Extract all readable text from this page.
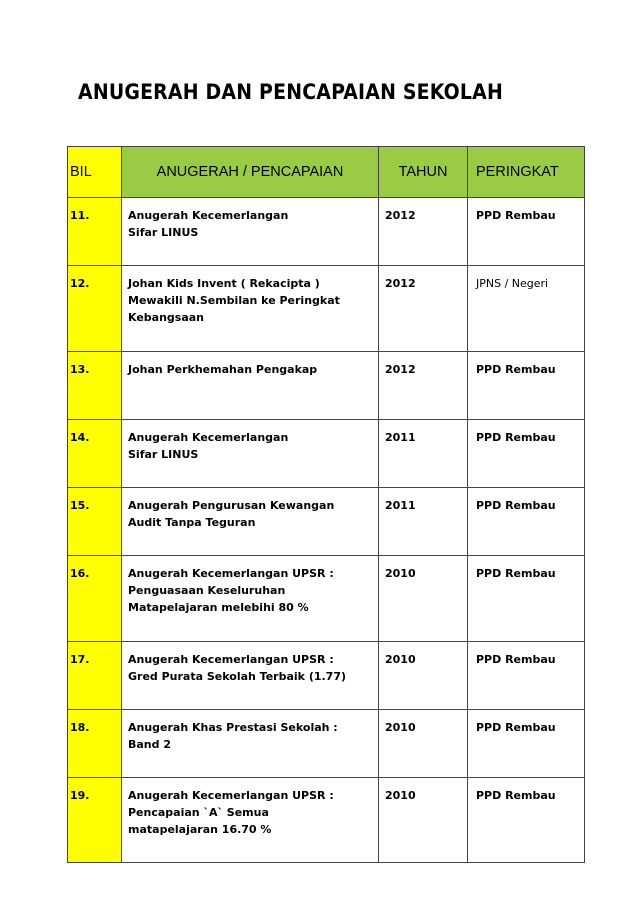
ANUGERAH DAN PENCAPAIAN SEKOLAH
BIL	ANUGERAH / PENCAPAIAN	TAHUN	PERINGKAT
11.	Anugerah Kecemerlangan
Sifar LINUS	2012	PPD Rembau
12.	Johan Kids Invent ( Rekacipta )
Mewakili N.Sembilan ke Peringkat
Kebangsaan	2012	JPNS / Negeri
13.	Johan Perkhemahan Pengakap	2012	PPD Rembau
14.	Anugerah Kecemerlangan
Sifar LINUS	2011	PPD Rembau
15.	Anugerah Pengurusan Kewangan
Audit Tanpa Teguran	2011	PPD Rembau
16.	Anugerah Kecemerlangan UPSR :
Penguasaan Keseluruhan
Matapelajaran melebihi 80 %	2010	PPD Rembau
17.	Anugerah Kecemerlangan UPSR :
Gred Purata Sekolah Terbaik (1.77)	2010	PPD Rembau
18.	Anugerah Khas Prestasi Sekolah :
Band 2	2010	PPD Rembau
19.	Anugerah Kecemerlangan UPSR :
Pencapaian `A` Semua
matapelajaran 16.70 %	2010	PPD Rembau
